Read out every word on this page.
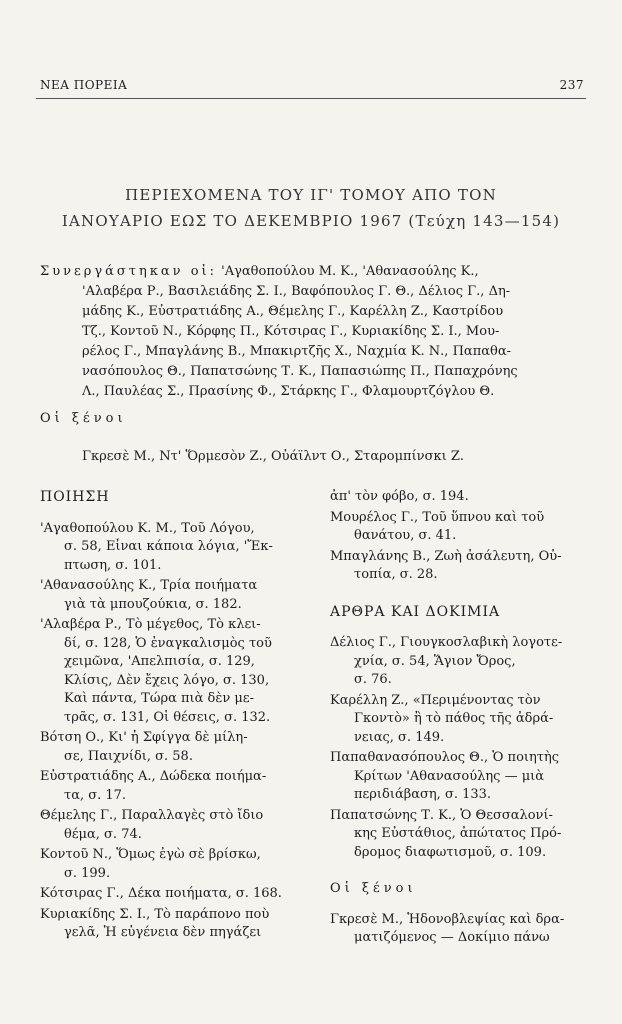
ΝΕΑ ΠΟΡΕΙΑ	237
ΠΕΡΙΕΧΟΜΕΝΑ ΤΟΥ ΙΓ' ΤΟΜΟΥ ΑΠΟ ΤΟΝ
ΙΑΝΟΥΑΡΙΟ ΕΩΣ ΤΟ ΔΕΚΕΜΒΡΙΟ 1967 (Τεύχη 143—154)
Συνεργάστηκαν οἱ: 'Αγαθοπούλου Μ. Κ., 'Αθανασούλης Κ.,
'Αλαβέρα Ρ., Βασιλειάδης Σ. Ι., Βαφόπουλος Γ. Θ., Δέλιος Γ., Δη-
μάδης Κ., Εὐστρατιάδης Α., Θέμελης Γ., Καρέλλη Ζ., Καστρίδου
Τζ., Κοντοῦ Ν., Κόρφης Π., Κότσιρας Γ., Κυριακίδης Σ. Ι., Μου-
ρέλος Γ., Μπαγλάνης Β., Μπακιρτζῆς Χ., Ναχμία Κ. Ν., Παπαθα-
νασόπουλος Θ., Παπατσώνης Τ. Κ., Παπασιώπης Π., Παπαχρόνης
Λ., Παυλέας Σ., Πρασίνης Φ., Στάρκης Γ., Φλαμουρτζόγλου Θ.
Οἱ ξένοι
Γκρεσὲ Μ., Ντ' Ὅρμεσὸν Ζ., Οὐάϊλντ Ο., Σταρομπίνσκι Ζ.
ΠΟΙΗΣΗ
'Αγαθοπούλου Κ. Μ., Τοῦ Λόγου,
σ. 58, Εἶναι κάποια λόγια, 'Ἔκ-
πτωση, σ. 101.
'Αθανασούλης Κ., Τρία ποιήματα
γιὰ τὰ μπουζούκια, σ. 182.
'Αλαβέρα Ρ., Τὸ μέγεθος, Τὸ κλει-
δί, σ. 128, Ὁ ἐναγκαλισμὸς τοῦ
χειμῶνα, 'Απελπισία, σ. 129,
Κλίσις, Δὲν ἔχεις λόγο, σ. 130,
Καὶ πάντα, Τώρα πιὰ δὲν με-
τρᾶς, σ. 131, Οἱ θέσεις, σ. 132.
Βότση Ο., Κι' ἡ Σφίγγα δὲ μίλη-
σε, Παιχνίδι, σ. 58.
Εὐστρατιάδης Α., Δώδεκα ποιήμα-
τα, σ. 17.
Θέμελης Γ., Παραλλαγὲς στὸ ἴδιο
θέμα, σ. 74.
Κοντοῦ Ν., Ὅμως ἐγὼ σὲ βρίσκω,
σ. 199.
Κότσιρας Γ., Δέκα ποιήματα, σ. 168.
Κυριακίδης Σ. Ι., Τὸ παράπονο ποὺ
γελᾶ, Ἡ εὐγένεια δὲν πηγάζει
ἀπ' τὸν φόβο, σ. 194.
Μουρέλος Γ., Τοῦ ὕπνου καὶ τοῦ
θανάτου, σ. 41.
Μπαγλάνης Β., Ζωὴ ἀσάλευτη, Οὐ-
τοπία, σ. 28.
ΑΡΘΡΑ ΚΑΙ ΔΟΚΙΜΙΑ
Δέλιος Γ., Γιουγκοσλαβικὴ λογοτε-
χνία, σ. 54, Ἅγιον Ὄρος,
σ. 76.
Καρέλλη Ζ., «Περιμένοντας τὸν
Γκοντὸ» ἢ τὸ πάθος τῆς ἀδρά-
νειας, σ. 149.
Παπαθανασόπουλος Θ., Ὁ ποιητὴς
Κρίτων 'Αθανασούλης — μιὰ
περιδιάβαση, σ. 133.
Παπατσώνης Τ. Κ., Ὁ Θεσσαλονί-
κης Εὐστάθιος, ἀπώτατος Πρό-
δρομος διαφωτισμοῦ, σ. 109.
Οἱ ξένοι
Γκρεσὲ Μ., Ἡδονοβλεψίας καὶ δρα-
ματιζόμενος — Δοκίμιο πάνω
